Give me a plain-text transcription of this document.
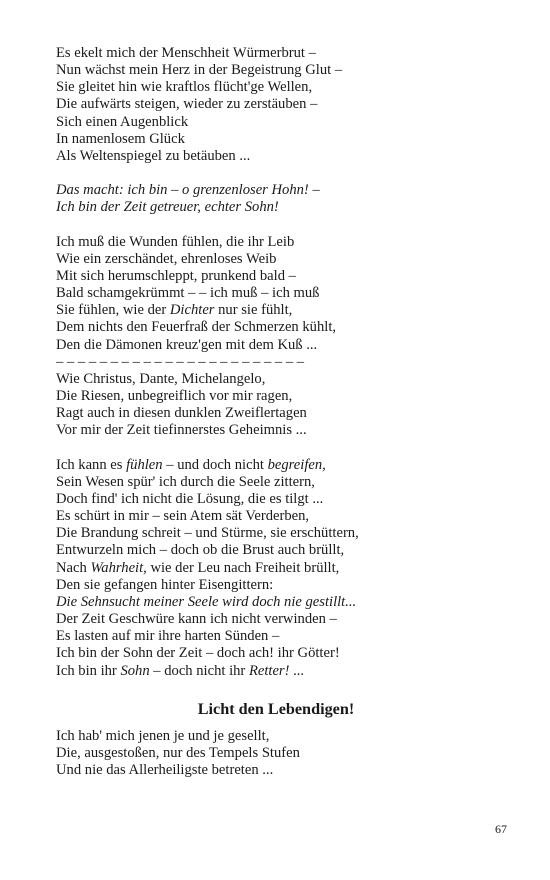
Es ekelt mich der Menschheit Würmerbrut –
Nun wächst mein Herz in der Begeistrung Glut –
Sie gleitet hin wie kraftlos flücht'ge Wellen,
Die aufwärts steigen, wieder zu zerstäuben –
Sich einen Augenblick
In namenlosem Glück
Als Weltenspiegel zu betäuben ...
Das macht: ich bin – o grenzenloser Hohn! –
Ich bin der Zeit getreuer, echter Sohn!
Ich muß die Wunden fühlen, die ihr Leib
Wie ein zerschändet, ehrenloses Weib
Mit sich herumschleppt, prunkend bald –
Bald schamgekrümmt – – ich muß – ich muß
Sie fühlen, wie der Dichter nur sie fühlt,
Dem nichts den Feuerfraß der Schmerzen kühlt,
Den die Dämonen kreuz'gen mit dem Kuß ...
– – – – – – – – – – – – – – – – – – – – – – –
Wie Christus, Dante, Michelangelo,
Die Riesen, unbegreiflich vor mir ragen,
Ragt auch in diesen dunklen Zweiflertagen
Vor mir der Zeit tiefinnerstes Geheimnis ...
Ich kann es fühlen – und doch nicht begreifen,
Sein Wesen spür' ich durch die Seele zittern,
Doch find' ich nicht die Lösung, die es tilgt ...
Es schürt in mir – sein Atem sät Verderben,
Die Brandung schreit – und Stürme, sie erschüttern,
Entwurzeln mich – doch ob die Brust auch brüllt,
Nach Wahrheit, wie der Leu nach Freiheit brüllt,
Den sie gefangen hinter Eisengittern:
Die Sehnsucht meiner Seele wird doch nie gestillt...
Der Zeit Geschwüre kann ich nicht verwinden –
Es lasten auf mir ihre harten Sünden –
Ich bin der Sohn der Zeit – doch ach! ihr Götter!
Ich bin ihr Sohn – doch nicht ihr Retter! ...
Licht den Lebendigen!
Ich hab' mich jenen je und je gesellt,
Die, ausgestoßen, nur des Tempels Stufen
Und nie das Allerheiligste betreten ...
67
